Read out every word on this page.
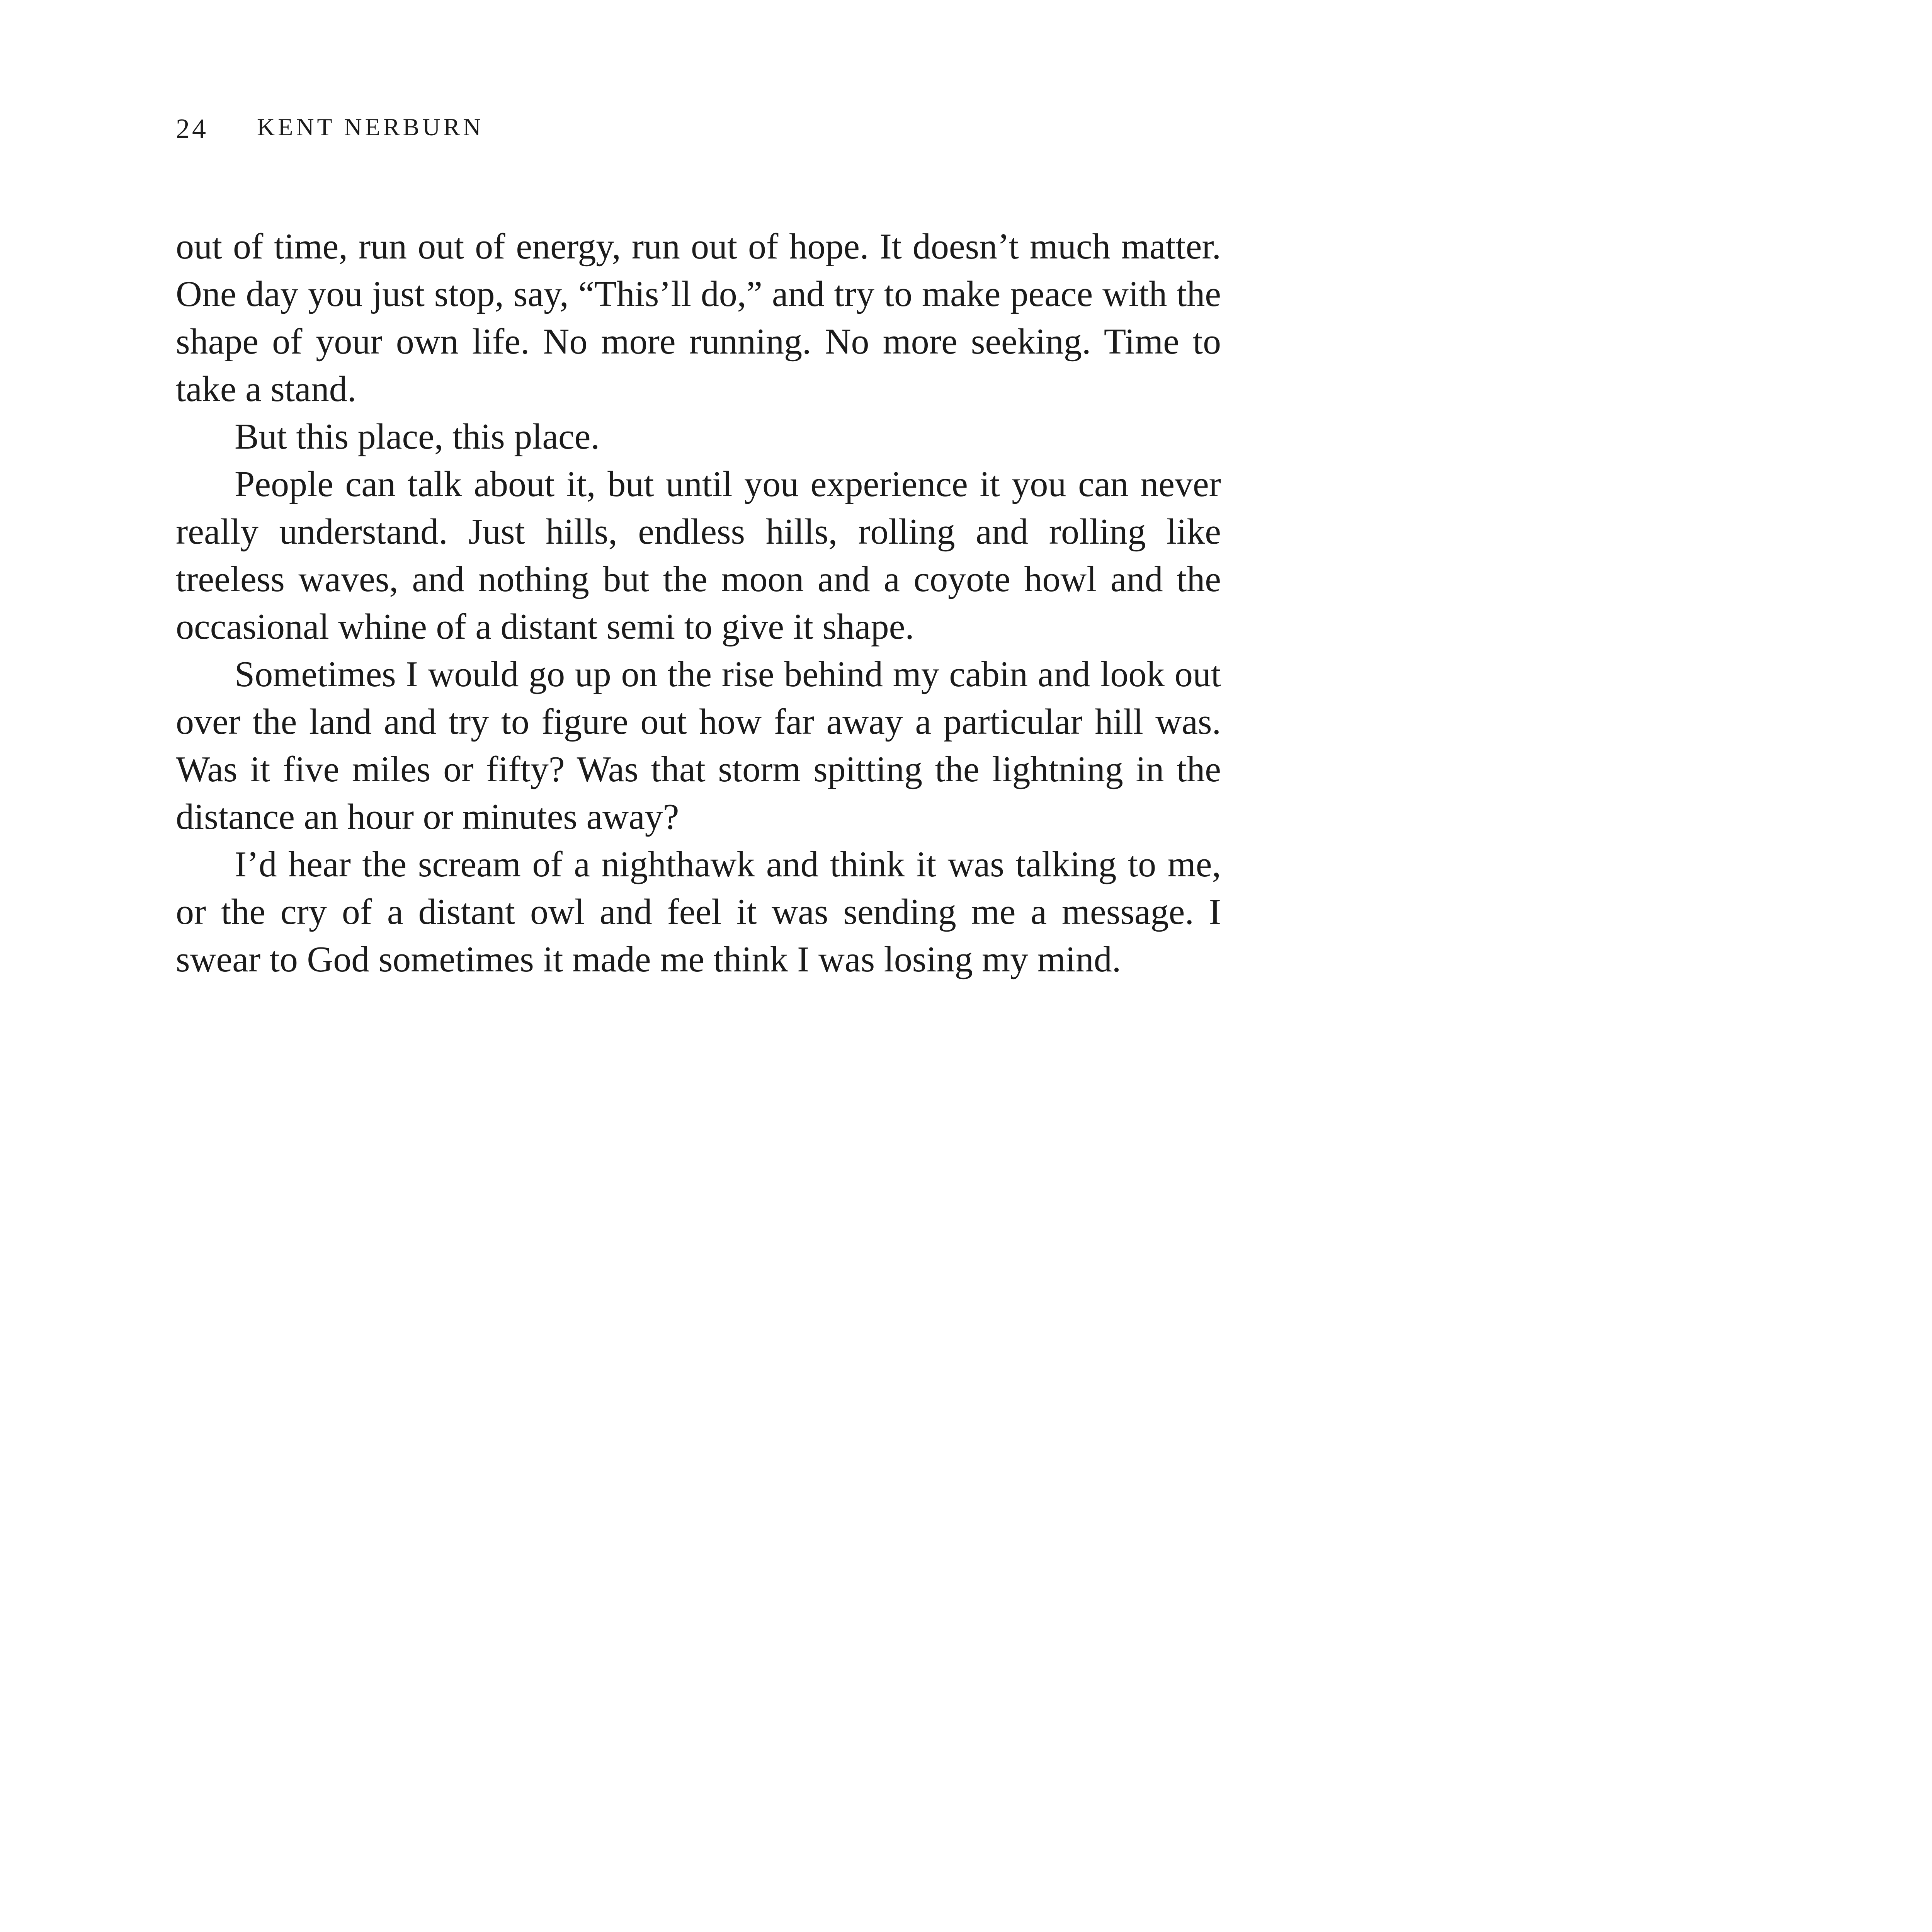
24	KENT NERBURN

out of time, run out of energy, run out of hope. It doesn’t much matter. One day you just stop, say, “This’ll do,” and try to make peace with the shape of your own life. No more running. No more seeking. Time to take a stand.

But this place, this place.

People can talk about it, but until you experience it you can never really understand. Just hills, endless hills, rolling and rolling like treeless waves, and nothing but the moon and a coyote howl and the occasional whine of a distant semi to give it shape.

Sometimes I would go up on the rise behind my cabin and look out over the land and try to figure out how far away a particular hill was. Was it five miles or fifty? Was that storm spitting the lightning in the distance an hour or minutes away?

I’d hear the scream of a nighthawk and think it was talking to me, or the cry of a distant owl and feel it was sending me a message. I swear to God sometimes it made me think I was losing my mind.
